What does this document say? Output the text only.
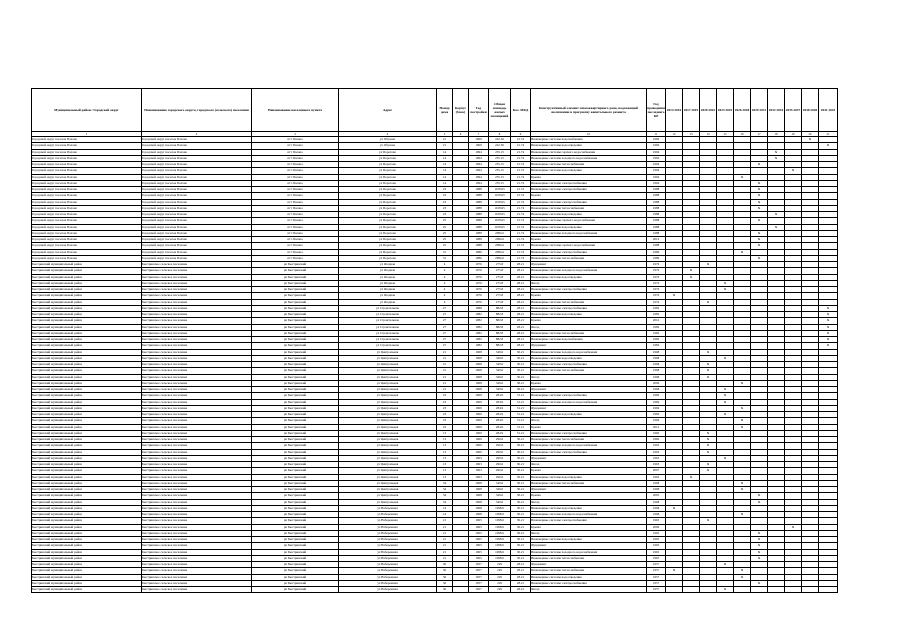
Муниципальный район / Городской округ	Наименование городского округа, городского (сельского) поселения	Наименование населенного пункта	Адрес	Номер дома	Корпус (блок)	Год постройки	Общая площадь жилых помещений	Кол. МКД	Конструктивный элемент многоквартирного дома, подлежащий включению в программу капитального ремонта	Год проведения последнего КР	2014 2016	2017 2019	2020 2022	2023 2025	2026 2028	2029 2031	2032 2034	2035 2037	2038 2040	2041 2043
1	2	3	4	5	6	7	8	9	10	11	12	13	14	15	16	17	18	19	20	21
Городской округ поселок Палана	Городской округ поселок Палана	пгт Палана	ул Обухова	21		1969	222.36	21.74	Инженерные системы водоснабжения	1969									X	
Городской округ поселок Палана	Городской округ поселок Палана	пгт Палана	ул Обухова	21		1969	222.36	21.74	Инженерные системы водоотведения	1969										X
Городской округ поселок Палана	Городской округ поселок Палана	пгт Палана	ул Поротова	14		1994	255.15	21.74	Инженерные системы горячего водоснабжения	1994							X			
Городской округ поселок Палана	Городской округ поселок Палана	пгт Палана	ул Поротова	14		1994	255.15	21.74	Инженерные системы холодного водоснабжения	1994							X			
Городской округ поселок Палана	Городской округ поселок Палана	пгт Палана	ул Поротова	14		1994	255.15	21.74	Инженерные системы теплоснабжения	1994						X				
Городской округ поселок Палана	Городской округ поселок Палана	пгт Палана	ул Поротова	14		1994	255.15	21.74	Инженерные системы водоотведения	1994								X		
Городской округ поселок Палана	Городской округ поселок Палана	пгт Палана	ул Поротова	14		1994	255.15	21.74	Крыша	1994					X					
Городской округ поселок Палана	Городской округ поселок Палана	пгт Палана	ул Поротова	14		1994	255.15	21.74	Инженерные системы электроснабжения	1994						X				
Городской округ поселок Палана	Городской округ поселок Палана	пгт Палана	ул Поротова	23		1988	1018.65	21.74	Инженерные системы электроснабжения	1988						X				
Городской округ поселок Палана	Городской округ поселок Палана	пгт Палана	ул Поротова	23		1988	1018.65	21.74	Крыша	1988						X				
Городской округ поселок Палана	Городской округ поселок Палана	пгт Палана	ул Поротова	23		1988	1018.65	21.74	Инженерные системы электроснабжения	1988						X				
Городской округ поселок Палана	Городской округ поселок Палана	пгт Палана	ул Поротова	23		1988	1018.65	21.74	Инженерные системы теплоснабжения	1988						X				
Городской округ поселок Палана	Городской округ поселок Палана	пгт Палана	ул Поротова	23		1988	1018.65	21.74	Инженерные системы водоотведения	1988							X			
Городской округ поселок Палана	Городской округ поселок Палана	пгт Палана	ул Поротова	25		1988	1018.65	21.74	Инженерные системы горячего водоснабжения	1988						X				
Городской округ поселок Палана	Городской округ поселок Палана	пгт Палана	ул Поротова	25		1988	1018.65	21.74	Инженерные системы водоотведения	1988							X			
Городской округ поселок Палана	Городской округ поселок Палана	пгт Палана	ул Поротова	25		1988	2084.6	21.74	Инженерные системы холодного водоснабжения	1988						X				
Городской округ поселок Палана	Городской округ поселок Палана	пгт Палана	ул Поротова	25		1988	2084.6	21.74	Крыша	2012						X				
Городской округ поселок Палана	Городской округ поселок Палана	пгт Палана	ул Поротова	25		1988	2084.6	21.74	Инженерные системы горячего водоснабжения	1988						X				
Городской округ поселок Палана	Городской округ поселок Палана	пгт Палана	ул Поротова	31		1986	2084.6	21.74	Инженерные системы электроснабжения	1986					X					
Городской округ поселок Палана	Городской округ поселок Палана	пгт Палана	ул Поротова	31		1986	2084.6	21.74	Инженерные системы теплоснабжения	1986						X				
Быстринский муниципальный район	Быстринское сельское поселение	рп Быстринский	ул Ягодная	4		1976	275.8	28.21	Фундамент	1976			X							
Быстринский муниципальный район	Быстринское сельское поселение	рп Быстринский	ул Ягодная	4		1976	275.8	28.21	Инженерные системы холодного водоснабжения	1976		X								
Быстринский муниципальный район	Быстринское сельское поселение	рп Быстринский	ул Ягодная	4		1976	275.8	28.21	Инженерные системы водоотведения	1976		X								
Быстринский муниципальный район	Быстринское сельское поселение	рп Быстринский	ул Ягодная	4		1976	275.8	28.21	Фасад	1976				X						
Быстринский муниципальный район	Быстринское сельское поселение	рп Быстринский	ул Ягодная	4		1976	275.8	28.21	Инженерные системы электроснабжения	1976				X						
Быстринский муниципальный район	Быстринское сельское поселение	рп Быстринский	ул Ягодная	4		1976	275.8	28.21	Крыша	1976	X									
Быстринский муниципальный район	Быстринское сельское поселение	рп Быстринский	ул Ягодная	4		1976	275.8	28.21	Инженерные системы теплоснабжения	1976			X							
Быстринский муниципальный район	Быстринское сельское поселение	рп Быстринский	ул Строительная	27		1988	882.8	28.21	Инженерные системы электроснабжения	1982										X
Быстринский муниципальный район	Быстринское сельское поселение	рп Быстринский	ул Строительная	27		1982	882.8	28.21	Инженерные системы водоотведения	1982										X
Быстринский муниципальный район	Быстринское сельское поселение	рп Быстринский	ул Строительная	27		1982	882.8	28.21	Крыша	2010										X
Быстринский муниципальный район	Быстринское сельское поселение	рп Быстринский	ул Строительная	27		1982	882.8	28.21	Фасад	1982										X
Быстринский муниципальный район	Быстринское сельское поселение	рп Быстринский	ул Строительная	27		1982	882.8	28.21	Инженерные системы теплоснабжения	1982										X
Быстринский муниципальный район	Быстринское сельское поселение	рп Быстринский	ул Строительная	27		1982	882.8	28.21	Инженерные системы водоснабжения	1982										X
Быстринский муниципальный район	Быстринское сельское поселение	рп Быстринский	ул Строительная	27		1982	882.8	28.21	Фундамент	1982										X
Быстринский муниципальный район	Быстринское сельское поселение	рп Быстринский	ул Центральная	21		1968	349.6	30.21	Инженерные системы холодного водоснабжения	1968			X							
Быстринский муниципальный район	Быстринское сельское поселение	рп Быстринский	ул Центральная	21		1968	349.6	30.21	Инженерные системы водоотведения	1968				X						
Быстринский муниципальный район	Быстринское сельское поселение	рп Быстринский	ул Центральная	21		1968	349.6	30.21	Инженерные системы электроснабжения	1968			X							
Быстринский муниципальный район	Быстринское сельское поселение	рп Быстринский	ул Центральная	21		1968	349.6	30.21	Инженерные системы теплоснабжения	1968			X							
Быстринский муниципальный район	Быстринское сельское поселение	рп Быстринский	ул Центральная	21		1968	349.6	30.21	Фасад	1968			X							
Быстринский муниципальный район	Быстринское сельское поселение	рп Быстринский	ул Центральная	21		1968	349.6	30.21	Крыша	2006					X					
Быстринский муниципальный район	Быстринское сельское поселение	рп Быстринский	ул Центральная	21		1968	349.6	30.21	Фундамент	1968				X						
Быстринский муниципальный район	Быстринское сельское поселение	рп Быстринский	ул Центральная	23		1969	284.9	31.21	Инженерные системы электроснабжения	1969				X						
Быстринский муниципальный район	Быстринское сельское поселение	рп Быстринский	ул Центральная	23		1969	284.9	31.21	Инженерные системы холодного водоснабжения	1969				X						
Быстринский муниципальный район	Быстринское сельское поселение	рп Быстринский	ул Центральная	23		1969	284.9	31.21	Фундамент	1969					X					
Быстринский муниципальный район	Быстринское сельское поселение	рп Быстринский	ул Центральная	23		1969	284.9	31.21	Инженерные системы водоотведения	1969				X						
Быстринский муниципальный район	Быстринское сельское поселение	рп Быстринский	ул Центральная	23		1969	284.9	31.21	Фасад	1969					X					
Быстринский муниципальный район	Быстринское сельское поселение	рп Быстринский	ул Центральная	23		1969	284.9	31.21	Крыша	2012					X					
Быстринский муниципальный район	Быстринское сельское поселение	рп Быстринский	ул Центральная	13		1960	284.9	31.21	Инженерные системы электроснабжения	1960			X							
Быстринский муниципальный район	Быстринское сельское поселение	рп Быстринский	ул Центральная	13		1960	290.6	30.21	Инженерные системы теплоснабжения	1960			X							
Быстринский муниципальный район	Быстринское сельское поселение	рп Быстринский	ул Центральная	13		1960	290.6	30.21	Инженерные системы холодного водоснабжения	1963			X							
Быстринский муниципальный район	Быстринское сельское поселение	рп Быстринский	ул Центральная	13		1960	290.6	30.21	Инженерные системы электроснабжения	1963			X							
Быстринский муниципальный район	Быстринское сельское поселение	рп Быстринский	ул Центральная	13		1963	290.6	30.21	Фундамент	1963				X						
Быстринский муниципальный район	Быстринское сельское поселение	рп Быстринский	ул Центральная	13		1963	290.6	30.21	Фасад	1963			X							
Быстринский муниципальный район	Быстринское сельское поселение	рп Быстринский	ул Центральная	13		1963	290.6	30.21	Крыша	2007			X							
Быстринский муниципальный район	Быстринское сельское поселение	рп Быстринский	ул Центральная	13		1963	290.6	30.21	Инженерные системы водоотведения	1963		X								
Быстринский муниципальный район	Быстринское сельское поселение	рп Быстринский	ул Центральная	34		1968	349.6	30.21	Инженерные системы теплоснабжения	1968					X					
Быстринский муниципальный район	Быстринское сельское поселение	рп Быстринский	ул Центральная	34		1968	349.6	30.21	Фундамент	1968					X					
Быстринский муниципальный район	Быстринское сельское поселение	рп Быстринский	ул Центральная	34		1968	349.6	30.21	Крыша	2005						X				
Быстринский муниципальный район	Быстринское сельское поселение	рп Быстринский	ул Центральная	34		1968	349.6	30.21	Фасад	1968						X				
Быстринский муниципальный район	Быстринское сельское поселение	рп Быстринский	ул Набережная	14		1968	1098.6	30.21	Инженерные системы водоотведения	1968	X									
Быстринский муниципальный район	Быстринское сельское поселение	рп Быстринский	ул Набережная	14		1968	1098.6	30.21	Инженерные системы холодного водоснабжения	1968					X					
Быстринский муниципальный район	Быстринское сельское поселение	рп Быстринский	ул Набережная	21		1965	1098.6	30.21	Инженерные системы электроснабжения	1965			X							
Быстринский муниципальный район	Быстринское сельское поселение	рп Быстринский	ул Набережная	21		1965	1098.6	30.21	Крыша	2009								X		
Быстринский муниципальный район	Быстринское сельское поселение	рп Быстринский	ул Набережная	21		1965	1098.6	30.21	Фасад	1965						X				
Быстринский муниципальный район	Быстринское сельское поселение	рп Быстринский	ул Набережная	21		1965	1098.6	30.21	Инженерные системы водоотведения	1965						X				
Быстринский муниципальный район	Быстринское сельское поселение	рп Быстринский	ул Набережная	21		1965	1098.6	30.21	Фундамент	1965						X				
Быстринский муниципальный район	Быстринское сельское поселение	рп Быстринский	ул Набережная	21		1965	1098.6	30.21	Инженерные системы холодного водоснабжения	1965						X				
Быстринский муниципальный район	Быстринское сельское поселение	рп Быстринский	ул Набережная	21		1965	1098.6	30.21	Инженерные системы теплоснабжения	1965						X				
Быстринский муниципальный район	Быстринское сельское поселение	рп Быстринский	ул Набережная	36		1957	229	28.21	Фундамент	1957				X						
Быстринский муниципальный район	Быстринское сельское поселение	рп Быстринский	ул Набережная	36		1957	229	28.21	Инженерные системы теплоснабжения	1957	X				X					
Быстринский муниципальный район	Быстринское сельское поселение	рп Быстринский	ул Набережная	36		1957	229	28.21	Инженерные системы водоотведения	1957					X					
Быстринский муниципальный район	Быстринское сельское поселение	рп Быстринский	ул Набережная	36		1957	229	28.21	Инженерные системы электроснабжения	1957						X				
Быстринский муниципальный район	Быстринское сельское поселение	рп Быстринский	ул Набережная	36		1957	229	28.21	Фасад	1957				X						
